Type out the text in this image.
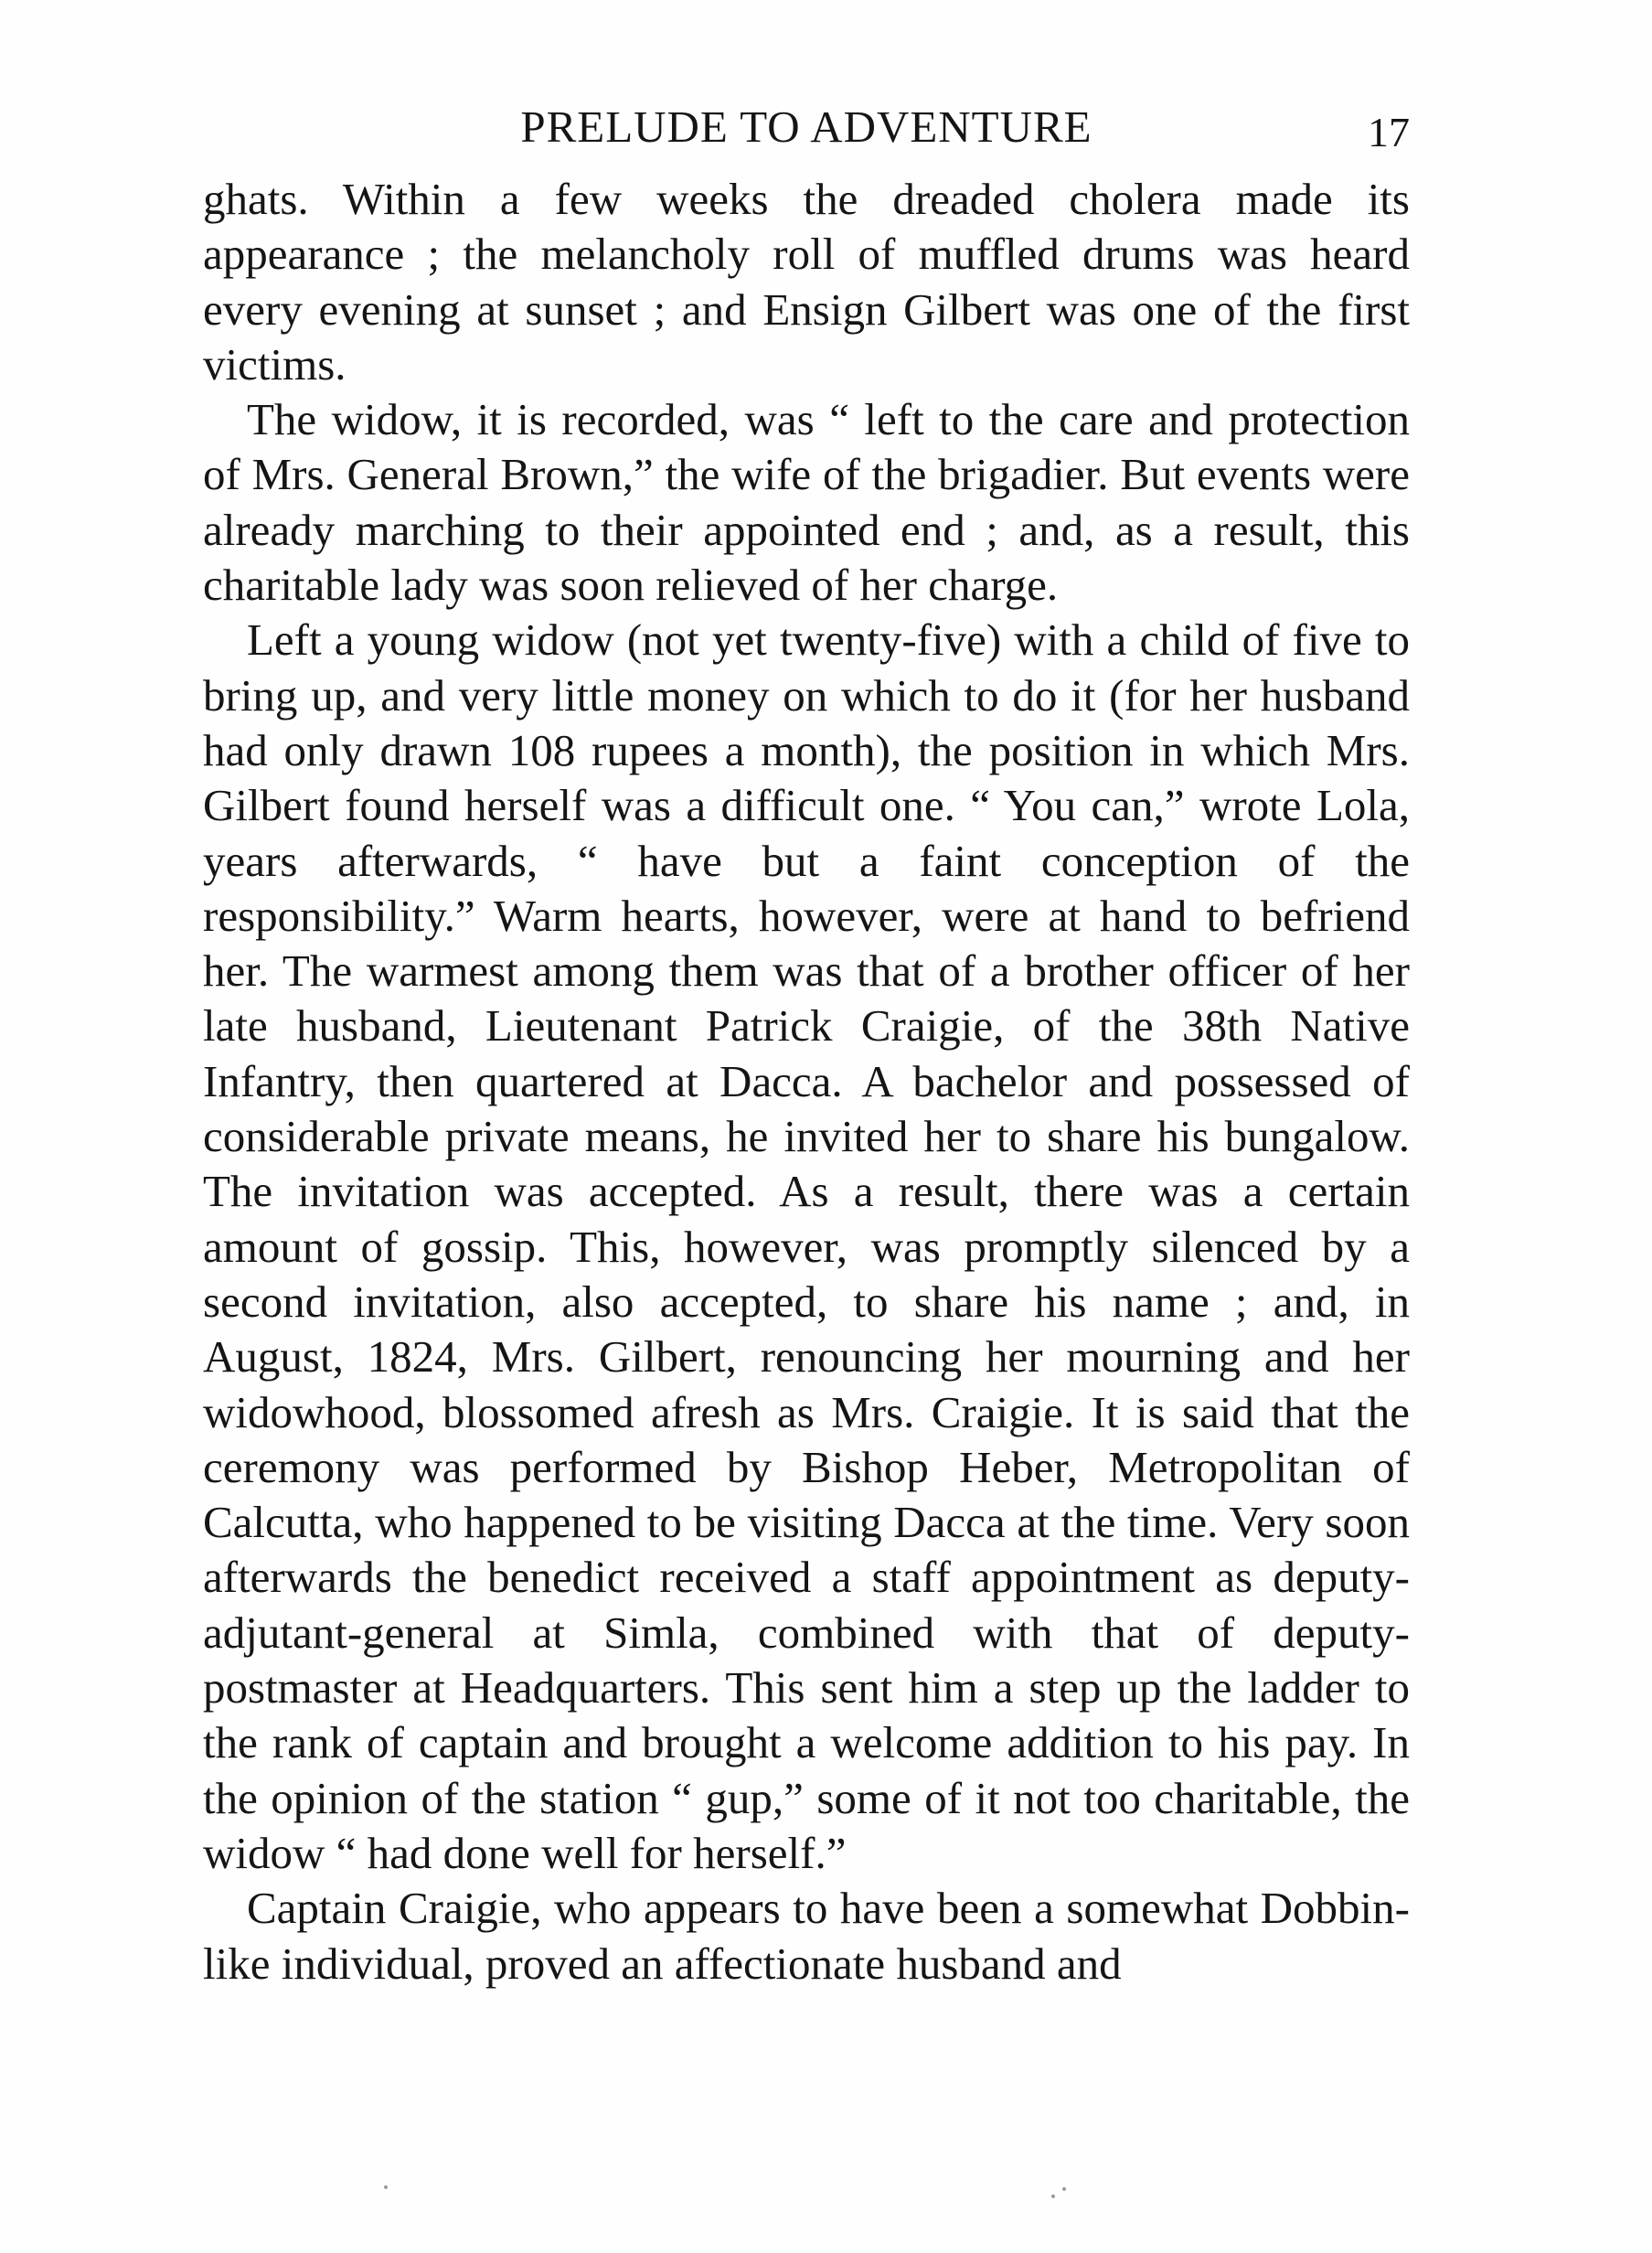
PRELUDE TO ADVENTURE	17

ghats. Within a few weeks the dreaded cholera made its appearance ; the melancholy roll of muffled drums was heard every evening at sunset ; and Ensign Gilbert was one of the first victims.

The widow, it is recorded, was “ left to the care and protection of Mrs. General Brown,” the wife of the brigadier. But events were already marching to their appointed end ; and, as a result, this charitable lady was soon relieved of her charge.

Left a young widow (not yet twenty-five) with a child of five to bring up, and very little money on which to do it (for her husband had only drawn 108 rupees a month), the position in which Mrs. Gilbert found herself was a difficult one. “ You can,” wrote Lola, years afterwards, “ have but a faint conception of the responsibility.” Warm hearts, however, were at hand to befriend her. The warmest among them was that of a brother officer of her late husband, Lieutenant Patrick Craigie, of the 38th Native Infantry, then quartered at Dacca. A bachelor and possessed of considerable private means, he invited her to share his bungalow. The invitation was accepted. As a result, there was a certain amount of gossip. This, however, was promptly silenced by a second invitation, also accepted, to share his name ; and, in August, 1824, Mrs. Gilbert, renouncing her mourning and her widowhood, blossomed afresh as Mrs. Craigie. It is said that the ceremony was performed by Bishop Heber, Metropolitan of Calcutta, who happened to be visiting Dacca at the time. Very soon afterwards the benedict received a staff appointment as deputy-adjutant-general at Simla, combined with that of deputy-postmaster at Headquarters. This sent him a step up the ladder to the rank of captain and brought a welcome addition to his pay. In the opinion of the station “ gup,” some of it not too charitable, the widow “ had done well for herself.”

Captain Craigie, who appears to have been a somewhat Dobbin-like individual, proved an affectionate husband and
